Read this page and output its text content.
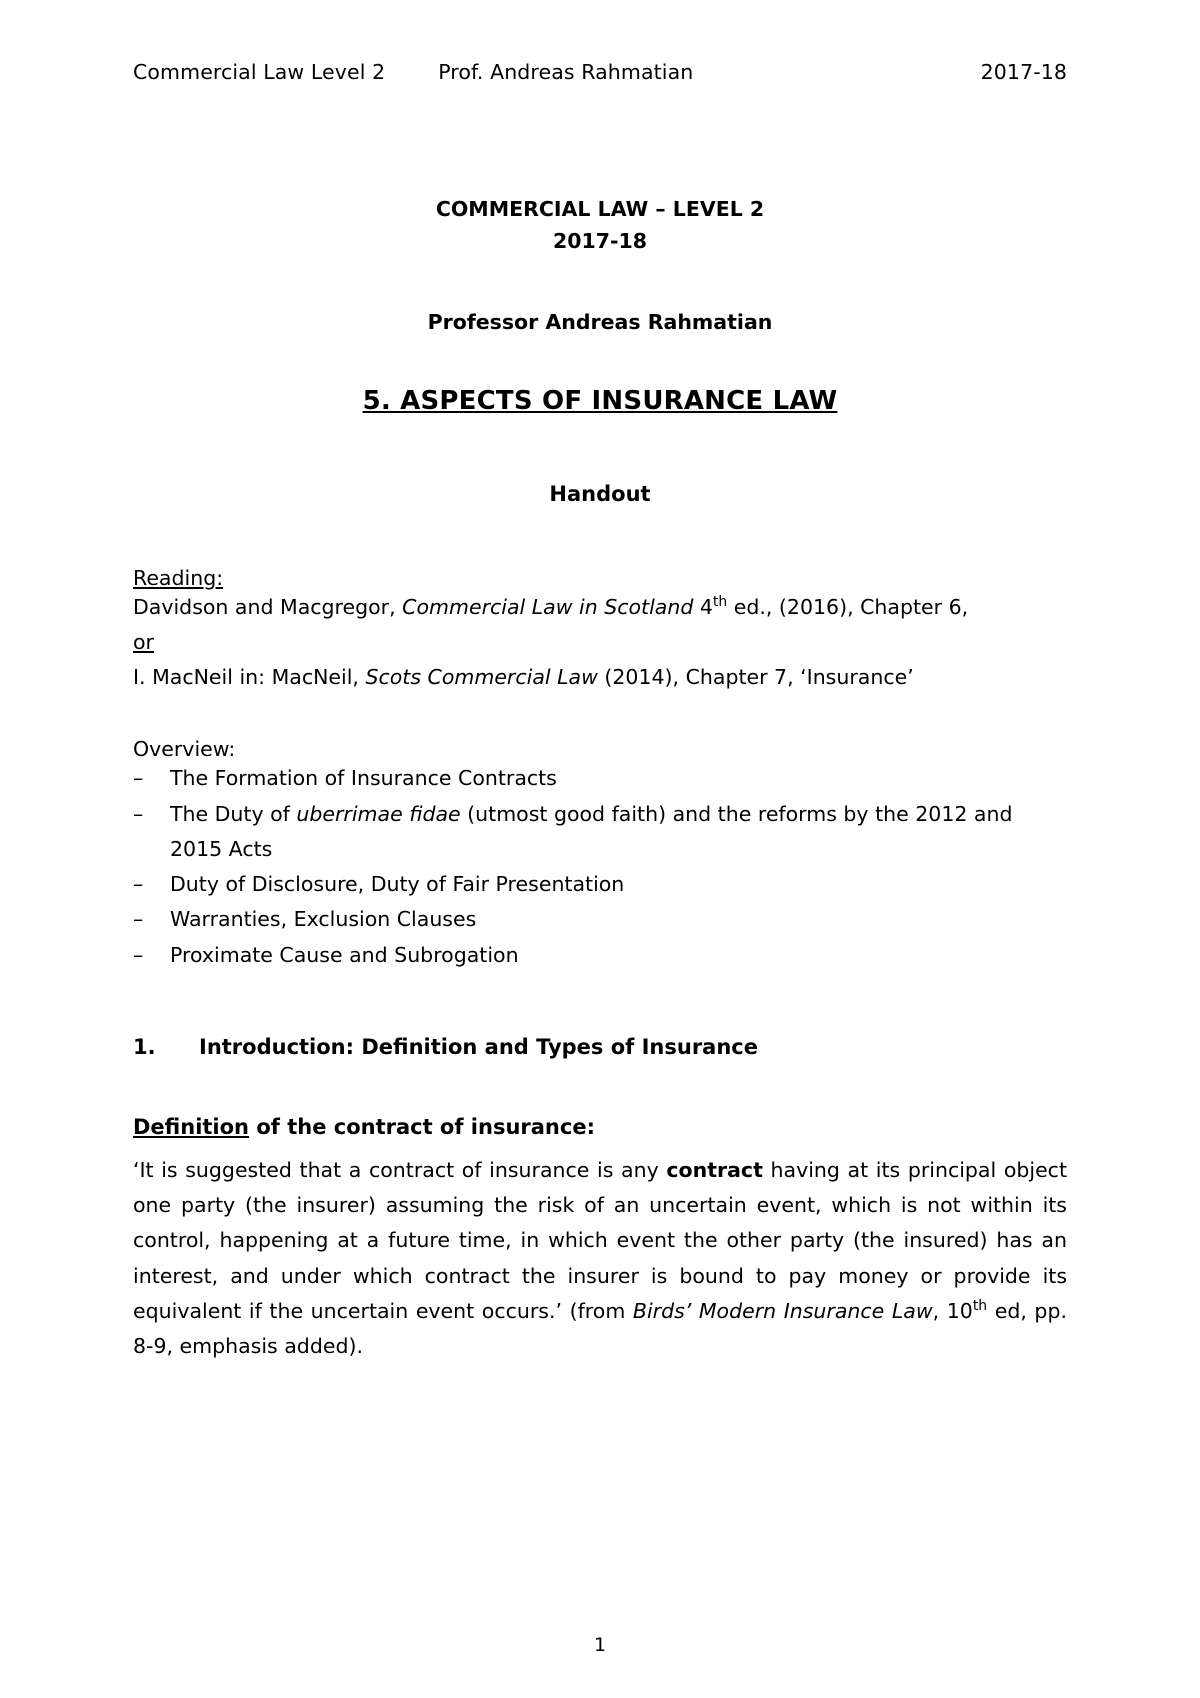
Commercial Law Level 2        Prof. Andreas Rahmatian	2017-18
COMMERCIAL LAW – LEVEL 2
2017-18
Professor Andreas Rahmatian
5. ASPECTS OF INSURANCE LAW
Handout
Reading:
Davidson and Macgregor, Commercial Law in Scotland 4th ed., (2016), Chapter 6,
or
I. MacNeil in: MacNeil, Scots Commercial Law (2014), Chapter 7, ‘Insurance’
Overview:
– The Formation of Insurance Contracts
– The Duty of uberrimae fidae (utmost good faith) and the reforms by the 2012 and 2015 Acts
– Duty of Disclosure, Duty of Fair Presentation
– Warranties, Exclusion Clauses
– Proximate Cause and Subrogation
1. Introduction: Definition and Types of Insurance
Definition of the contract of insurance:
‘It is suggested that a contract of insurance is any contract having at its principal object one party (the insurer) assuming the risk of an uncertain event, which is not within its control, happening at a future time, in which event the other party (the insured) has an interest, and under which contract the insurer is bound to pay money or provide its equivalent if the uncertain event occurs.’ (from Birds’ Modern Insurance Law, 10th ed, pp. 8-9, emphasis added).
1
